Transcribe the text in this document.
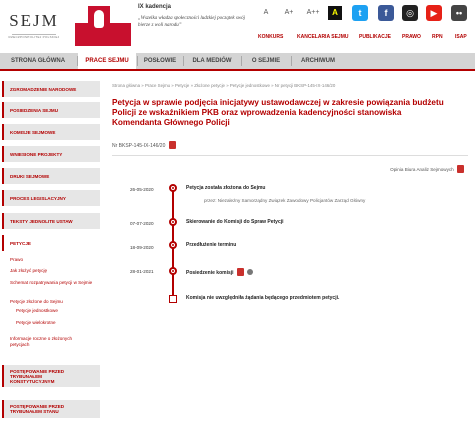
SEJM
RZECZPOSPOLITEJ POLSKIEJ
IX kadencja
„Wszelka władza społeczności ludzkiej początek swój bierze z woli narodu”
A	A+	A++	A	t	f	◎	▶	••
KONKURS	KANCELARIA SEJMU PUBLIKACJE PRAWO RPN ISAP
STRONA GŁÓWNA	PRACE SEJMU	POSŁOWIE	DLA MEDIÓW	O SEJMIE	ARCHIWUM
ZGROMADZENIE NARODOWE
POSIEDZENIA SEJMU
KOMISJE SEJMOWE
WNIESIONE PROJEKTY
DRUKI SEJMOWE
PROCES LEGISLACYJNY
TEKSTY JEDNOLITE USTAW
PETYCJE
Prawo
Jak złożyć petycję
Schemat rozpatrywania petycji w Sejmie
Petycje złożone do Sejmu
Petycje jednostkowe
Petycje wielokrotne
Informacje roczne o złożonych petycjach
POSTĘPOWANIE PRZED TRYBUNAŁEM KONSTYTUCYJNYM
POSTĘPOWANIE PRZED TRYBUNAŁEM STANU
Strona główna » Prace Sejmu » Petycje » Złożone petycje » Petycje jednostkowe » Nr petycji BKSP-145-IX-146/20
Petycja w sprawie podjęcia inicjatywy ustawodawczej w zakresie powiązania budżetu Policji ze wskaźnikiem PKB oraz wprowadzenia kadencyjności stanowiska Komendanta Głównego Policji
Nr BKSP-145-IX-146/20
Opinia Biura Analiz Sejmowych
26-05-2020	Petycja została złożona do Sejmu
przez: Niezależny Samorządny Związek Zawodowy Policjantów Zarząd Główny
07-07-2020	Skierowanie do Komisji do Spraw Petycji
18-09-2020	Przedłużenie terminu
28-01-2021	Posiedzenie komisji
Komisja nie uwzględniła żądania będącego przedmiotem petycji.
